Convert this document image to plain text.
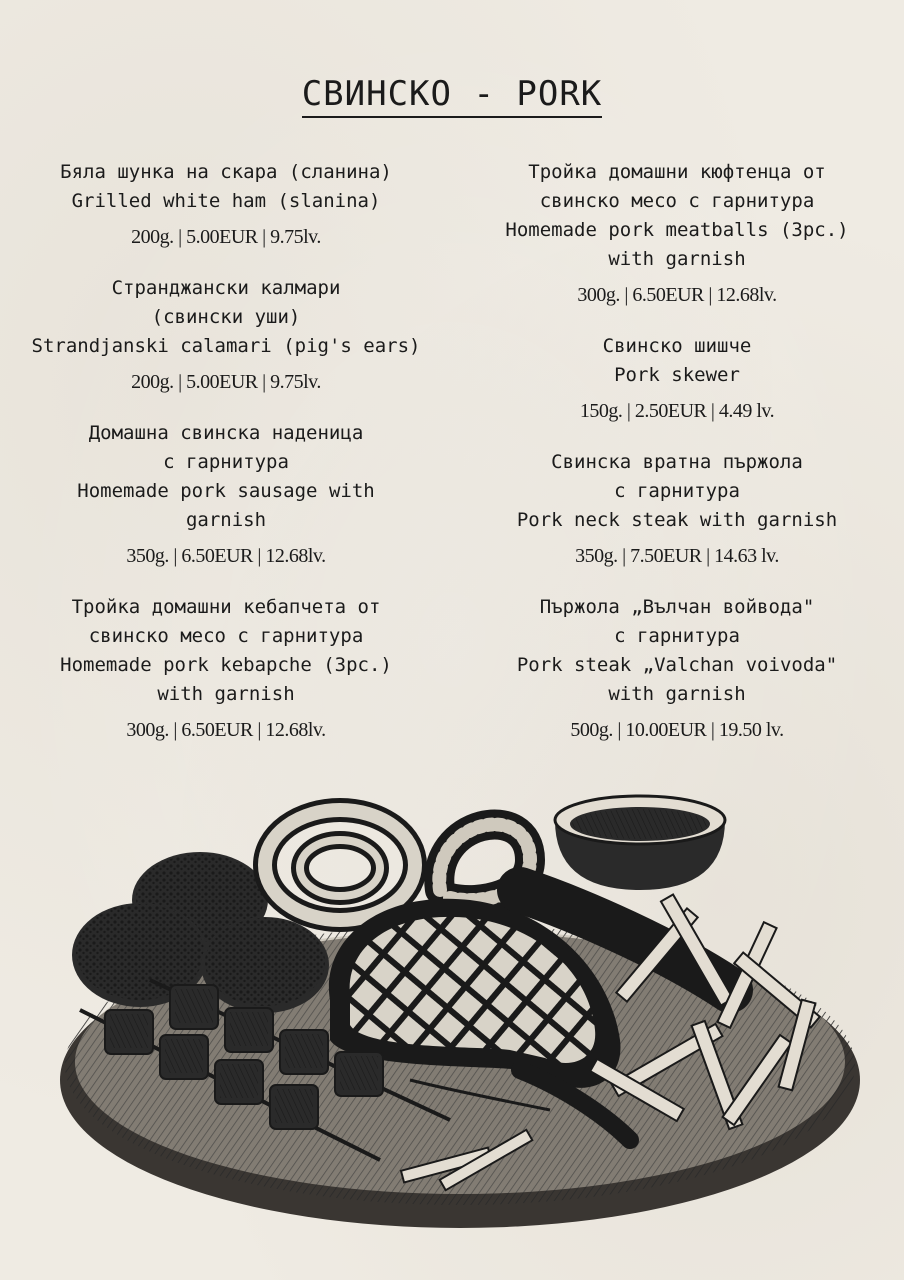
СВИНСКО - PORK
Бяла шунка на скара (сланина)
Grilled white ham (slanina)
200g. | 5.00EUR | 9.75lv.
Странджански калмари
(свински уши)
Strandjanski calamari (pig's ears)
200g. | 5.00EUR | 9.75lv.
Домашна свинска наденица
с гарнитура
Homemade pork sausage with
garnish
350g. | 6.50EUR | 12.68lv.
Тройка домашни кебапчета от
свинско месо с гарнитура
Homemade pork kebapche (3pc.)
with garnish
300g. | 6.50EUR | 12.68lv.
Тройка домашни кюфтенца от
свинско месо с гарнитура
Homemade pork meatballs (3pc.)
with garnish
300g. | 6.50EUR | 12.68lv.
Свинско шишче
Pork skewer
150g. | 2.50EUR | 4.49 lv.
Свинска вратна пържола
с гарнитура
Pork neck steak with garnish
350g. | 7.50EUR | 14.63 lv.
Пържола „Вълчан войвода"
с гарнитура
Pork steak „Valchan voivoda"
with garnish
500g. | 10.00EUR | 19.50 lv.
